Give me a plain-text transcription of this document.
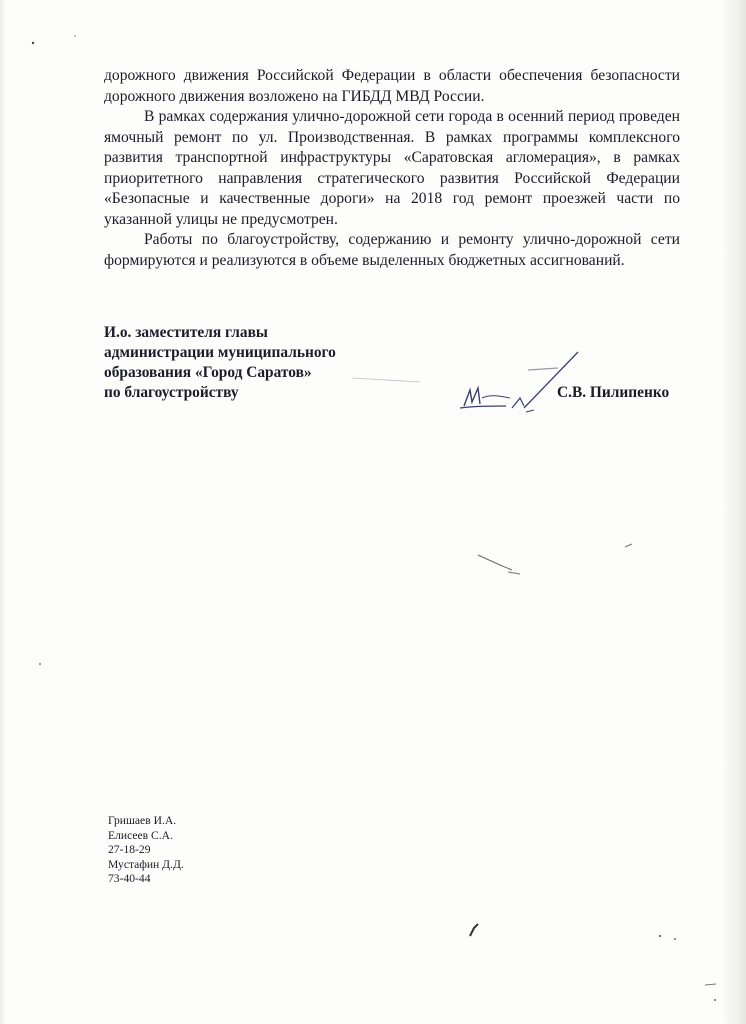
дорожного движения Российской Федерации в области обеспечения безопасности дорожного движения возложено на ГИБДД МВД России.

В рамках содержания улично-дорожной сети города в осенний период проведен ямочный ремонт по ул. Производственная. В рамках программы комплексного развития транспортной инфраструктуры «Саратовская агломерация», в рамках приоритетного направления стратегического развития Российской Федерации «Безопасные и качественные дороги» на 2018 год ремонт проезжей части по указанной улицы не предусмотрен.

Работы по благоустройству, содержанию и ремонту улично-дорожной сети формируются и реализуются в объеме выделенных бюджетных ассигнований.

И.о. заместителя главы
администрации муниципального
образования «Город Саратов»
по благоустройству	С.В. Пилипенко
Гришаев И.А.
Елисеев С.А.
27-18-29
Мустафин Д.Д.
73-40-44
